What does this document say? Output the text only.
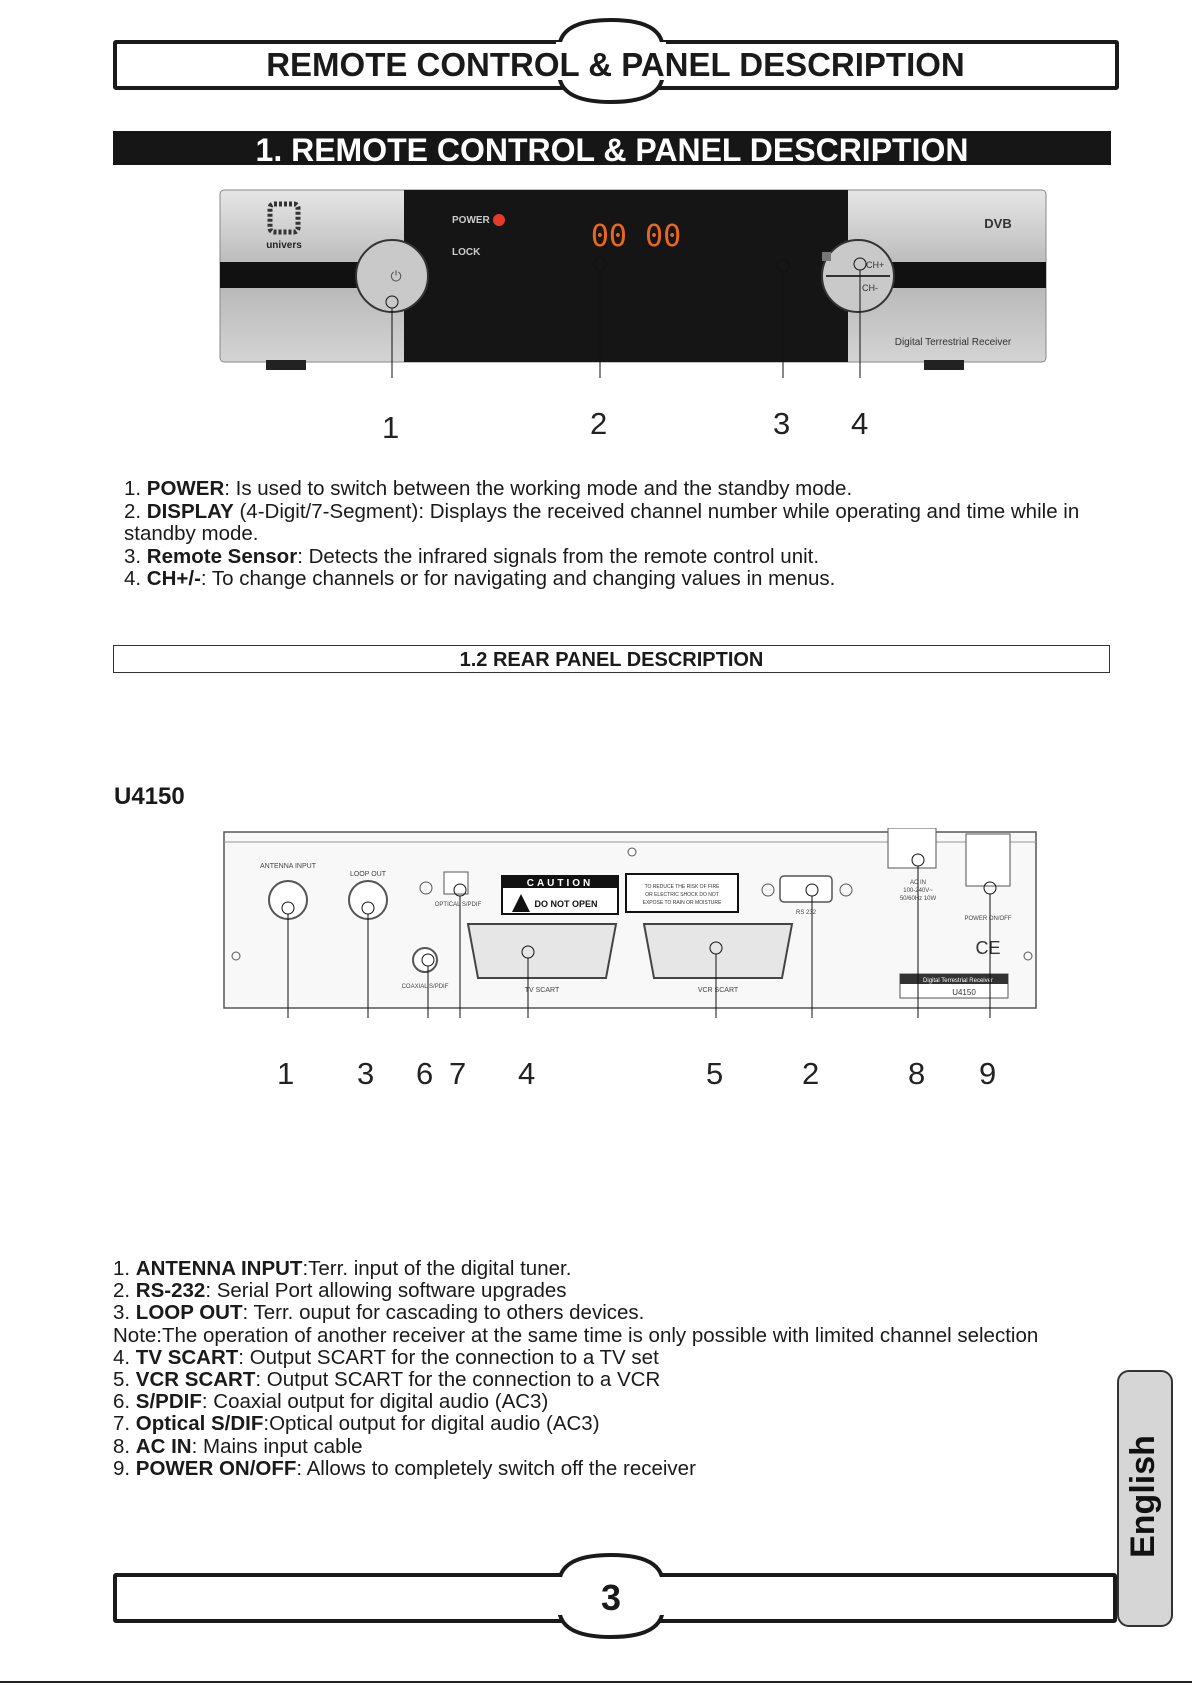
REMOTE CONTROL & PANEL DESCRIPTION
1. REMOTE CONTROL & PANEL DESCRIPTION
univers
⏻
CH+
CH-
POWER
LOCK	00 00	DVB
Digital Terrestrial Receiver
1	2	3 4
1. POWER: Is used to switch between the working mode and the standby mode.
2. DISPLAY (4-Digit/7-Segment): Displays the received channel number while operating and time while in standby mode.
3. Remote Sensor: Detects the infrared signals from the remote control unit.
4. CH+/-: To change channels or for navigating and changing values in menus.
1.2 REAR PANEL DESCRIPTION
U4150
ANTENNA INPUT
LOOP OUT
OPTICAL S/PDIF
COAXIAL S/PDIF
CAUTION
DO NOT OPEN
TO REDUCE THE RISK OF FIRE
OR ELECTRIC SHOCK DO NOT
EXPOSE TO RAIN OR MOISTURE
TV SCART	VCR SCART
RS 232
AC IN
100-240V~
50/60Hz 10W
POWER ON/OFF
CE
Digital Terrestrial Receiver
U4150
1 3 6 7 4	5	2	8 9
1. ANTENNA INPUT:Terr. input of the digital tuner.
2. RS-232: Serial Port allowing software upgrades
3. LOOP OUT: Terr. ouput for cascading to others devices.
Note:The operation of another receiver at the same time is only possible with limited channel selection
4. TV SCART: Output SCART for the connection to a TV set
5. VCR SCART: Output SCART for the connection to a VCR
6. S/PDIF: Coaxial output for digital audio (AC3)
7. Optical S/DIF:Optical output for digital audio (AC3)
8. AC IN: Mains input cable
9. POWER ON/OFF: Allows to completely switch off the receiver	English
3
